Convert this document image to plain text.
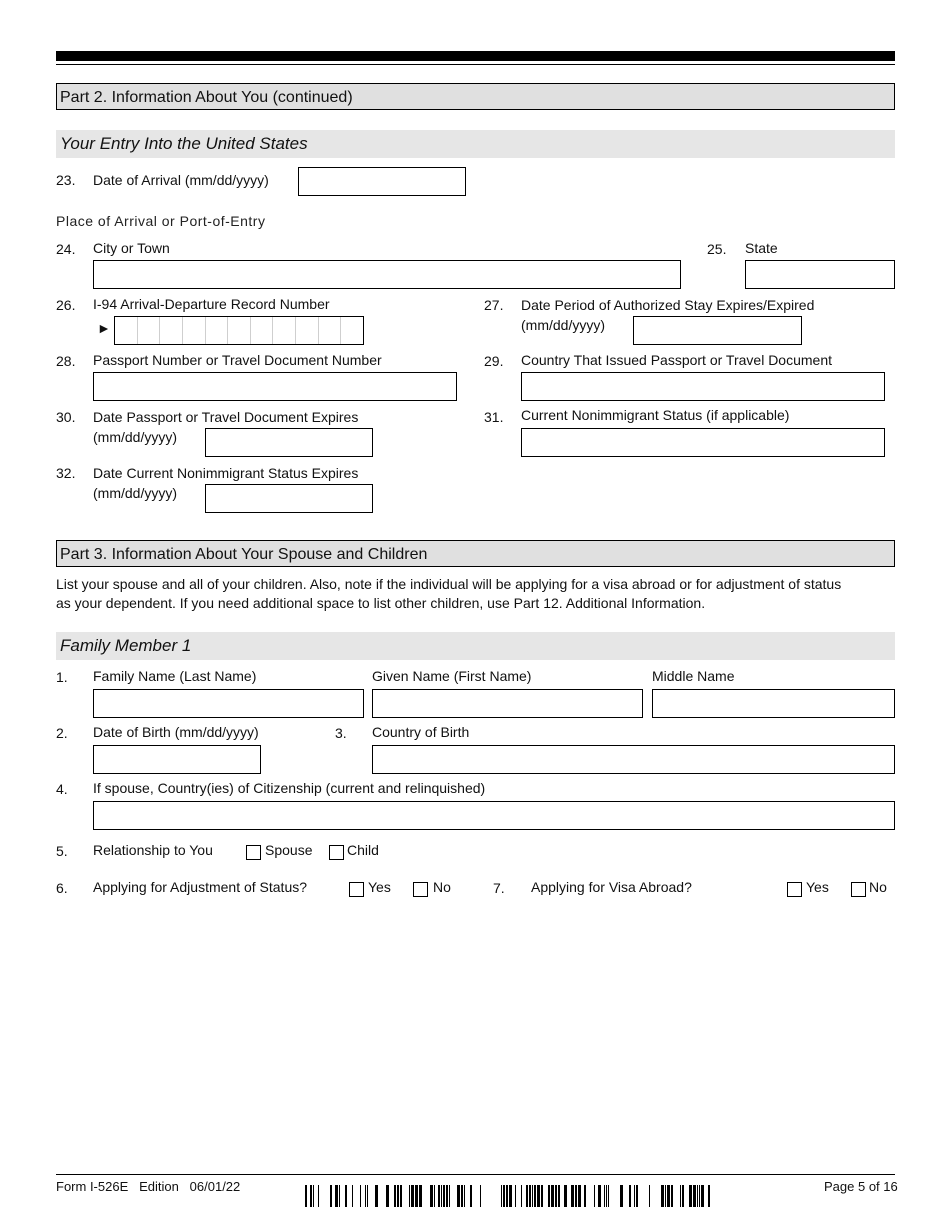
Part 2. Information About You (continued)
Your Entry Into the United States
23. Date of Arrival (mm/dd/yyyy)
Place of Arrival or Port-of-Entry
24. City or Town	25. State
26. I-94 Arrival-Departure Record Number
►
27. Date Period of Authorized Stay Expires/Expired
(mm/dd/yyyy)
28. Passport Number or Travel Document Number	29. Country That Issued Passport or Travel Document
30. Date Passport or Travel Document Expires
(mm/dd/yyyy)
31. Current Nonimmigrant Status (if applicable)
32. Date Current Nonimmigrant Status Expires
(mm/dd/yyyy)
Part 3. Information About Your Spouse and Children
List your spouse and all of your children. Also, note if the individual will be applying for a visa abroad or for adjustment of status
as your dependent. If you need additional space to list other children, use Part 12. Additional Information.
Family Member 1
1. Family Name (Last Name)	Given Name (First Name)	Middle Name
2. Date of Birth (mm/dd/yyyy)	3. Country of Birth
4. If spouse, Country(ies) of Citizenship (current and relinquished)
5. Relationship to You	Spouse Child
6. Applying for Adjustment of Status?	Yes	No	7. Applying for Visa Abroad?	Yes	No
Form I-526E   Edition   06/01/22	Page 5 of 16
